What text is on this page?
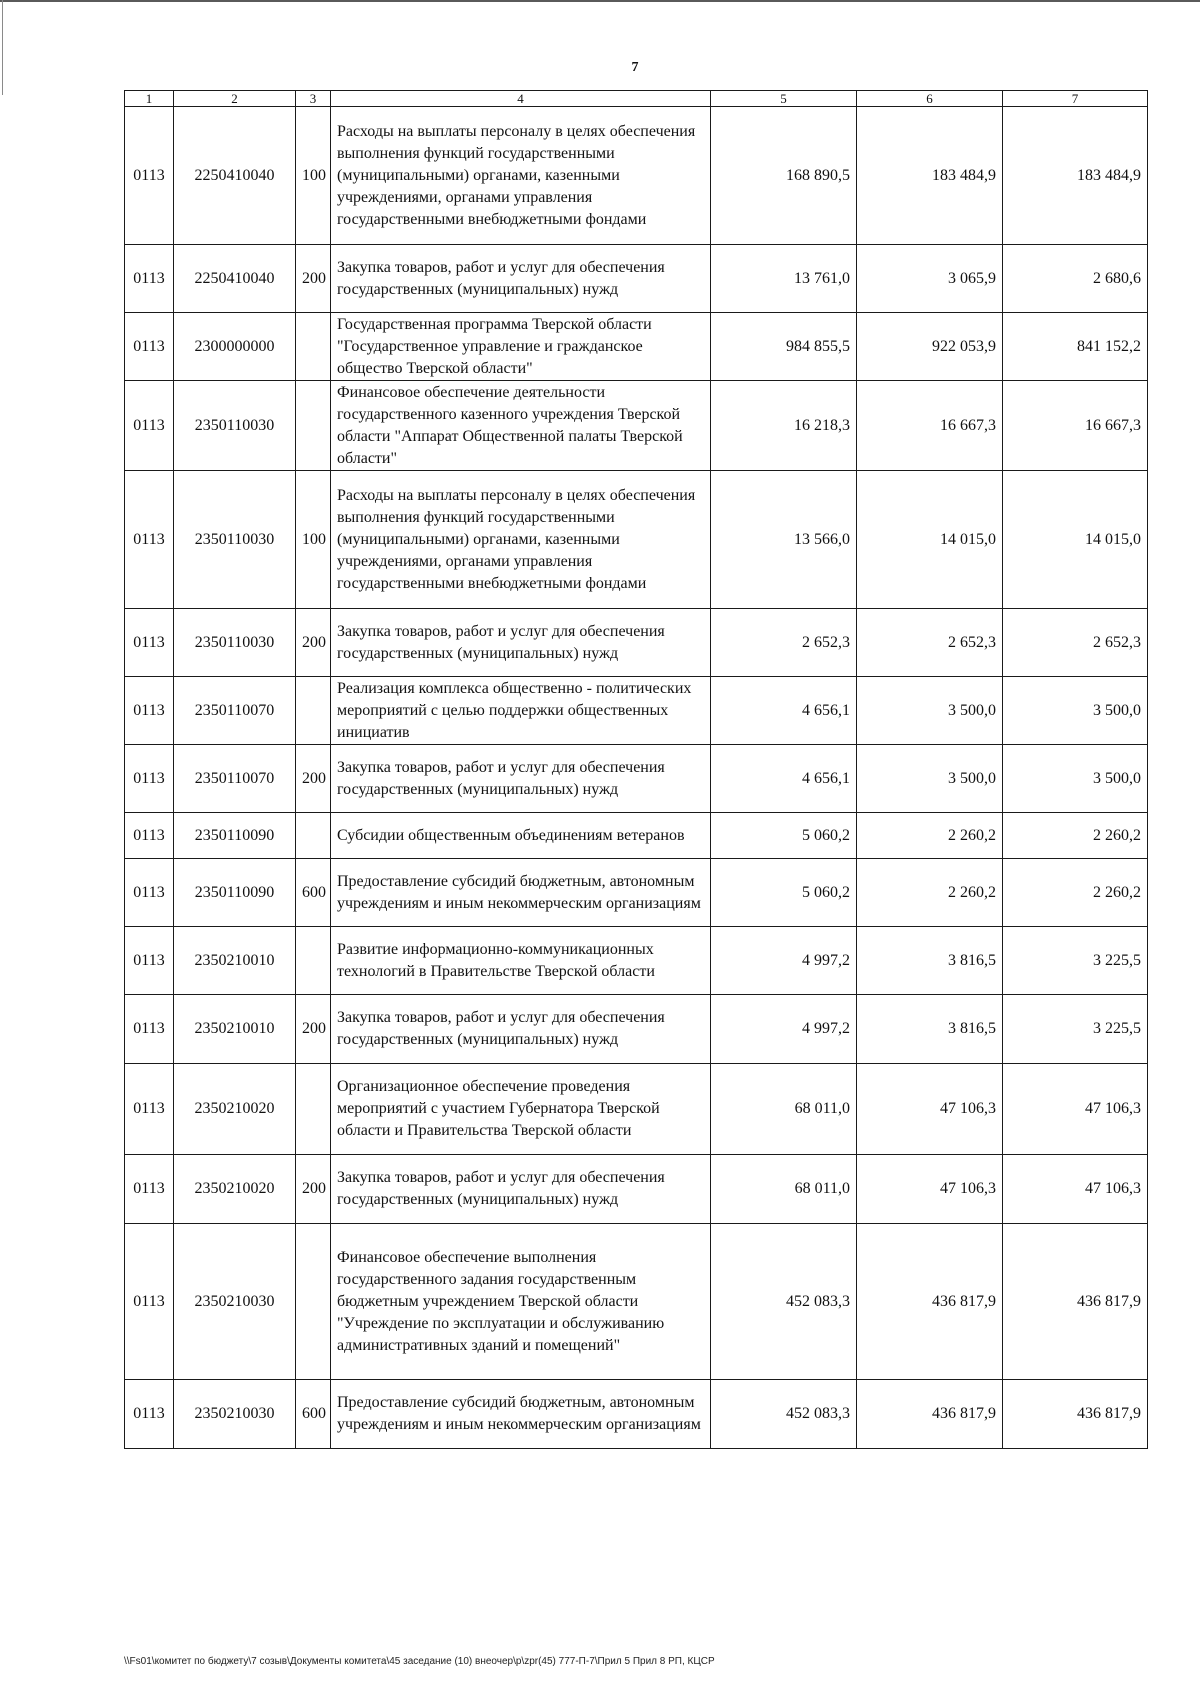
7
1	2	3	4	5	6	7
0113	2250410040	100	Расходы на выплаты персоналу в целях обеспечения выполнения функций государственными (муниципальными) органами, казенными учреждениями, органами управления государственными внебюджетными фондами	168 890,5	183 484,9	183 484,9
0113	2250410040	200	Закупка товаров, работ и услуг для обеспечения государственных (муниципальных) нужд	13 761,0	3 065,9	2 680,6
0113	2300000000		Государственная программа Тверской области "Государственное управление и гражданское общество Тверской области"	984 855,5	922 053,9	841 152,2
0113	2350110030		Финансовое обеспечение деятельности государственного казенного учреждения Тверской области "Аппарат Общественной палаты Тверской области"	16 218,3	16 667,3	16 667,3
0113	2350110030	100	Расходы на выплаты персоналу в целях обеспечения выполнения функций государственными (муниципальными) органами, казенными учреждениями, органами управления государственными внебюджетными фондами	13 566,0	14 015,0	14 015,0
0113	2350110030	200	Закупка товаров, работ и услуг для обеспечения государственных (муниципальных) нужд	2 652,3	2 652,3	2 652,3
0113	2350110070		Реализация комплекса общественно - политических мероприятий с целью поддержки общественных инициатив	4 656,1	3 500,0	3 500,0
0113	2350110070	200	Закупка товаров, работ и услуг для обеспечения государственных (муниципальных) нужд	4 656,1	3 500,0	3 500,0
0113	2350110090		Субсидии общественным объединениям ветеранов	5 060,2	2 260,2	2 260,2
0113	2350110090	600	Предоставление субсидий бюджетным, автономным учреждениям и иным некоммерческим организациям	5 060,2	2 260,2	2 260,2
0113	2350210010		Развитие информационно-коммуникационных технологий в Правительстве Тверской области	4 997,2	3 816,5	3 225,5
0113	2350210010	200	Закупка товаров, работ и услуг для обеспечения государственных (муниципальных) нужд	4 997,2	3 816,5	3 225,5
0113	2350210020		Организационное обеспечение проведения мероприятий с участием Губернатора Тверской области и Правительства Тверской области	68 011,0	47 106,3	47 106,3
0113	2350210020	200	Закупка товаров, работ и услуг для обеспечения государственных (муниципальных) нужд	68 011,0	47 106,3	47 106,3
0113	2350210030		Финансовое обеспечение выполнения государственного задания государственным бюджетным учреждением Тверской области "Учреждение по эксплуатации и обслуживанию административных зданий и помещений"	452 083,3	436 817,9	436 817,9
0113	2350210030	600	Предоставление субсидий бюджетным, автономным учреждениям и иным некоммерческим организациям	452 083,3	436 817,9	436 817,9
\\Fs01\комитет по бюджету\7 созыв\Документы комитета\45 заседание (10) внеочер\р\zрr(45) 777-П-7\Прил 5 Прил 8 РП, КЦСР
